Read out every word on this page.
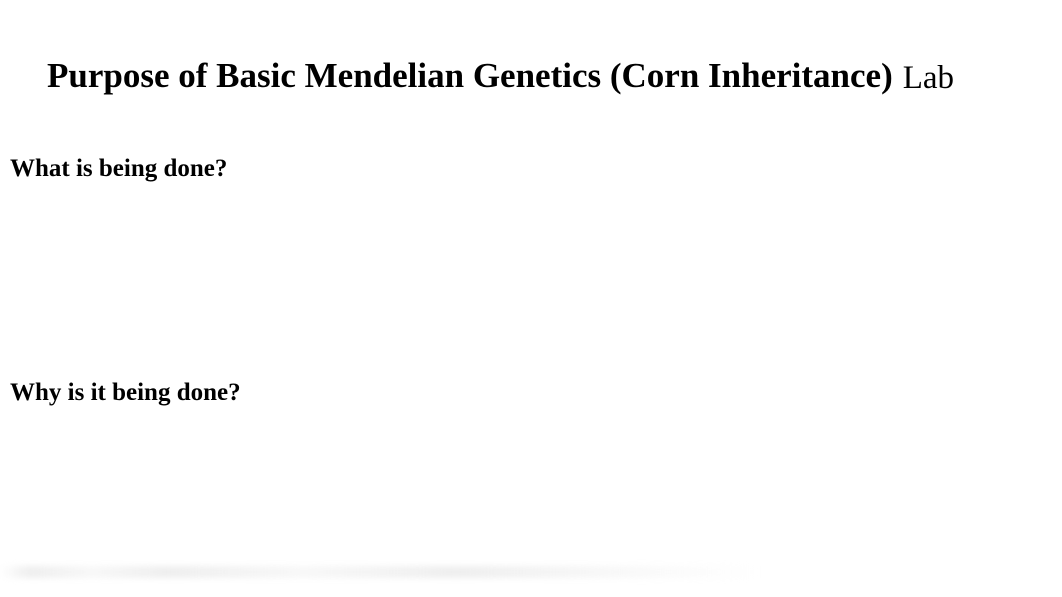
Purpose of Basic Mendelian Genetics (Corn Inheritance) Lab
What is being done?
Why is it being done?
